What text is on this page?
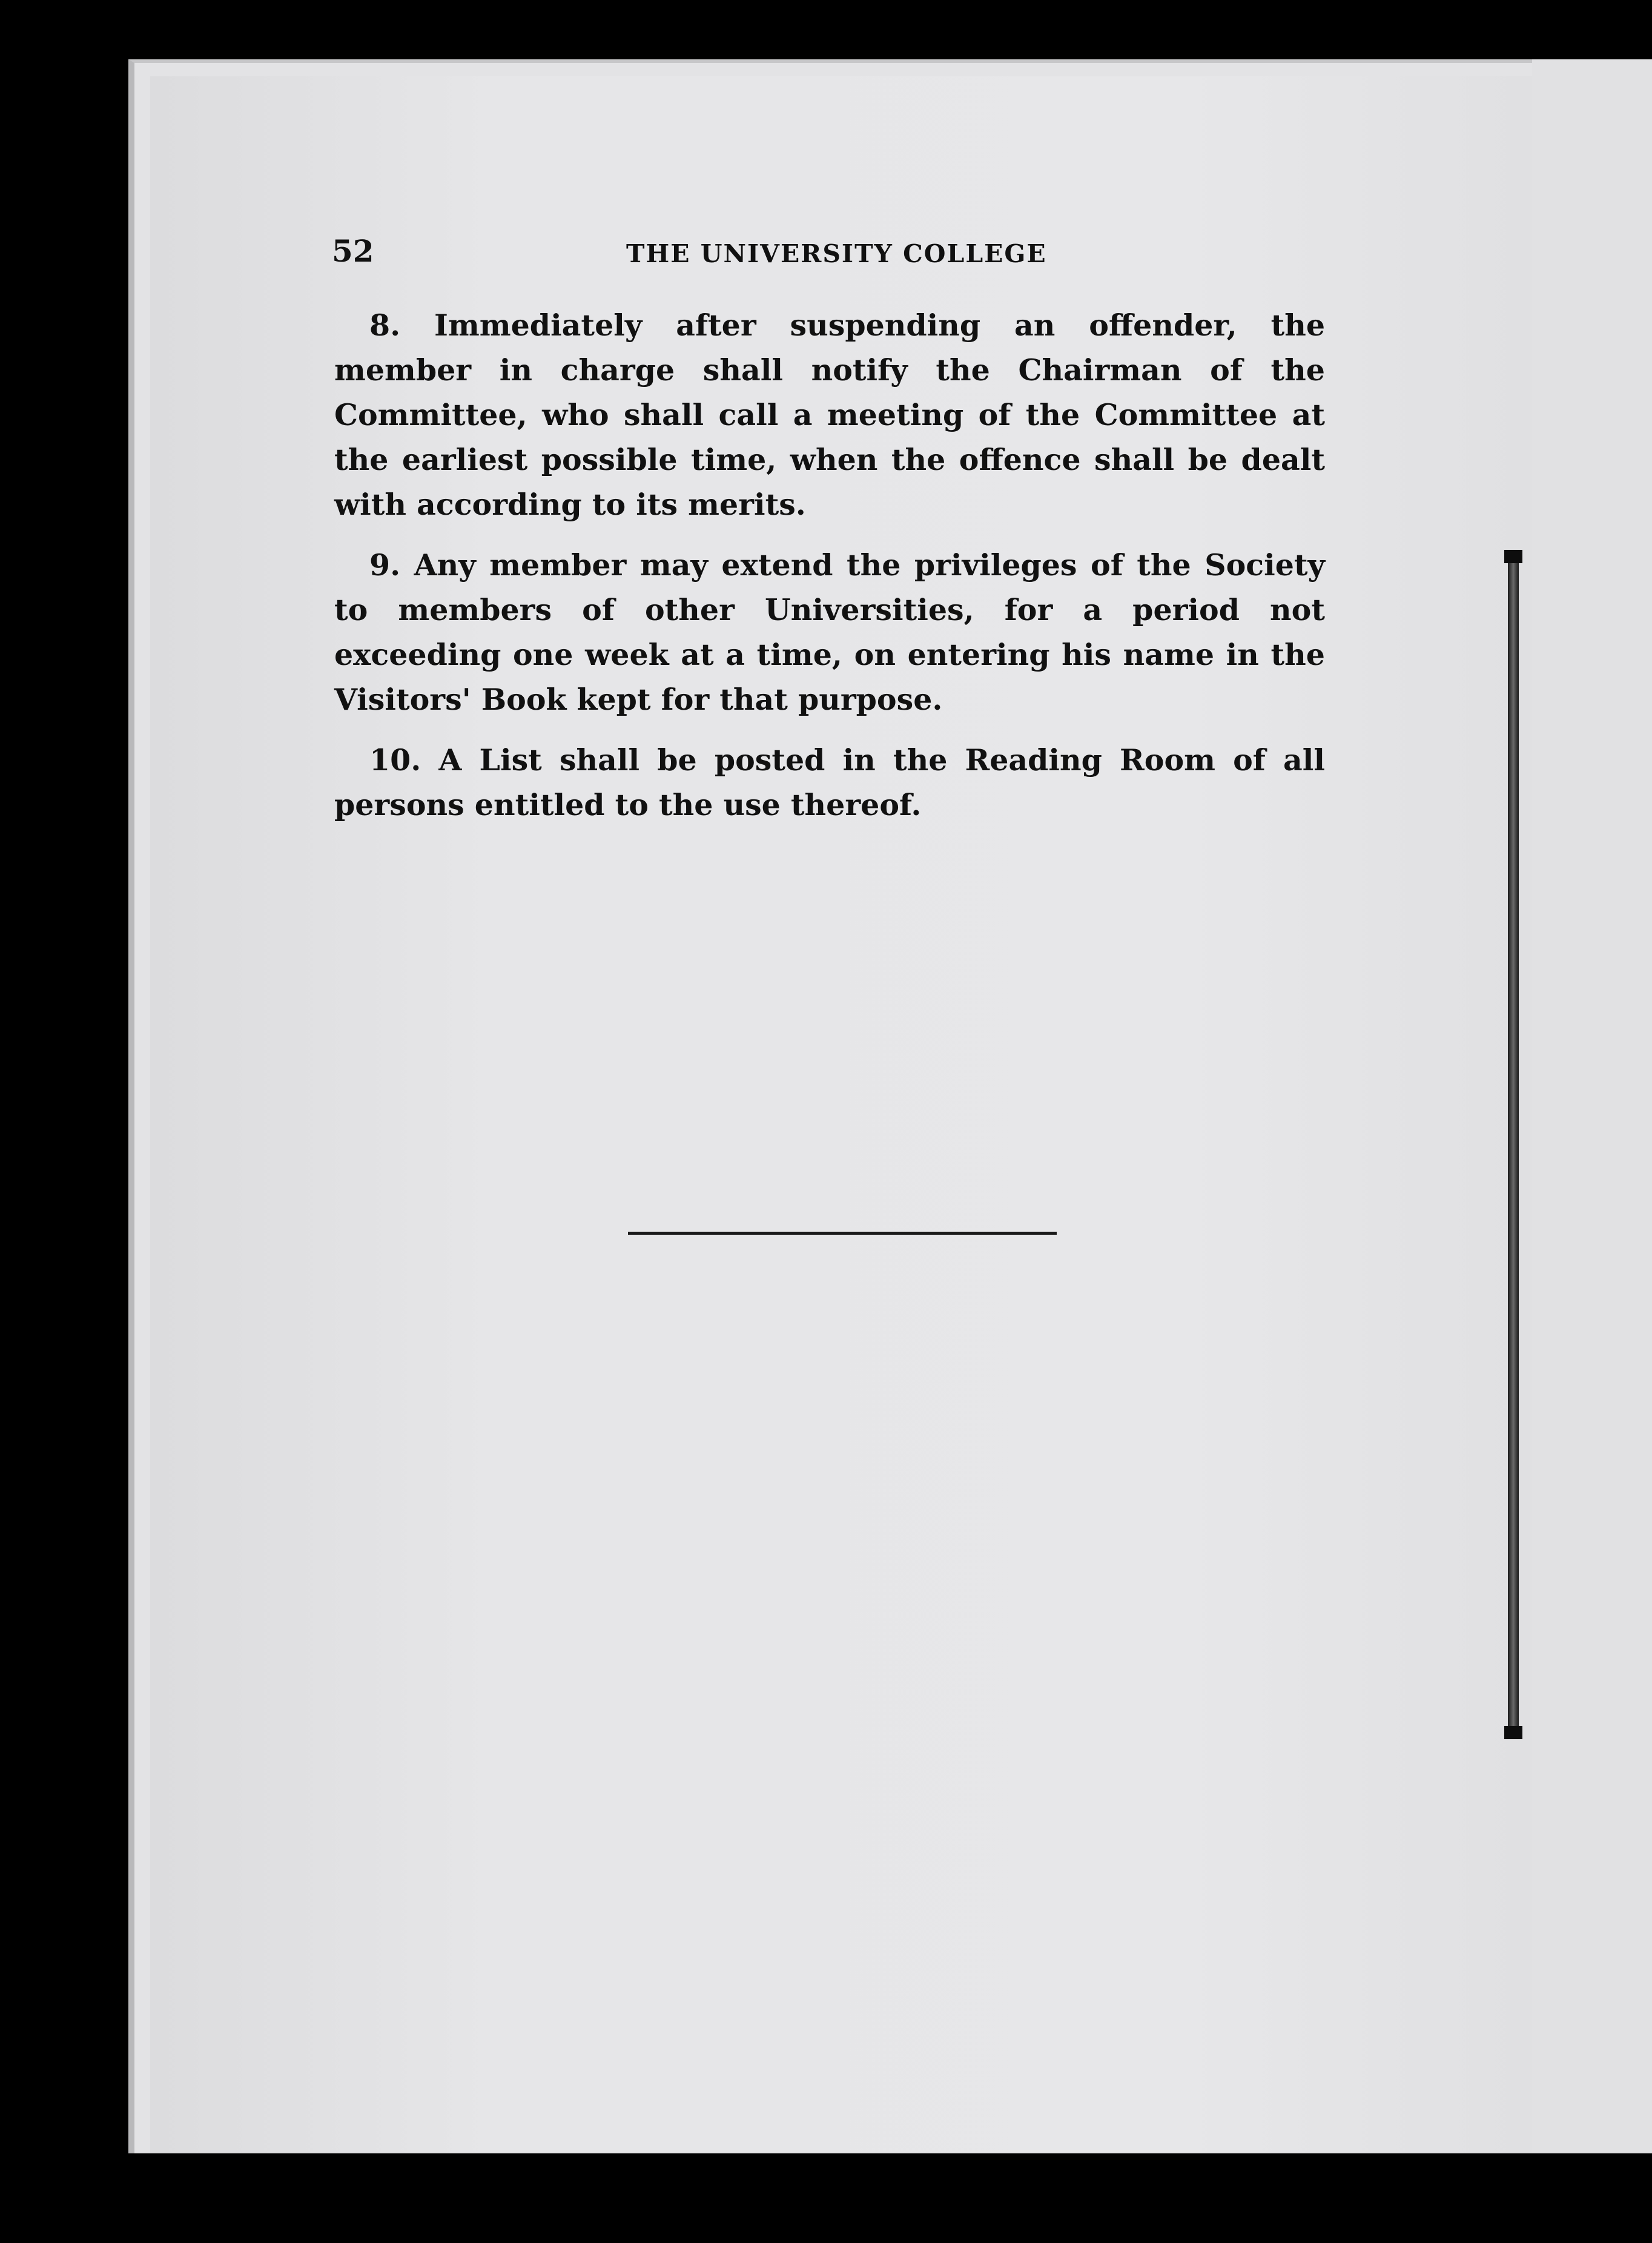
52	THE UNIVERSITY COLLEGE

8. Immediately after suspending an offender, the member in charge shall notify the Chairman of the Committee, who shall call a meeting of the Committee at the earliest possible time, when the offence shall be dealt with according to its merits.

9. Any member may extend the privileges of the Society to members of other Universities, for a period not exceeding one week at a time, on entering his name in the Visitors' Book kept for that purpose.

10. A List shall be posted in the Reading Room of all persons entitled to the use thereof.
